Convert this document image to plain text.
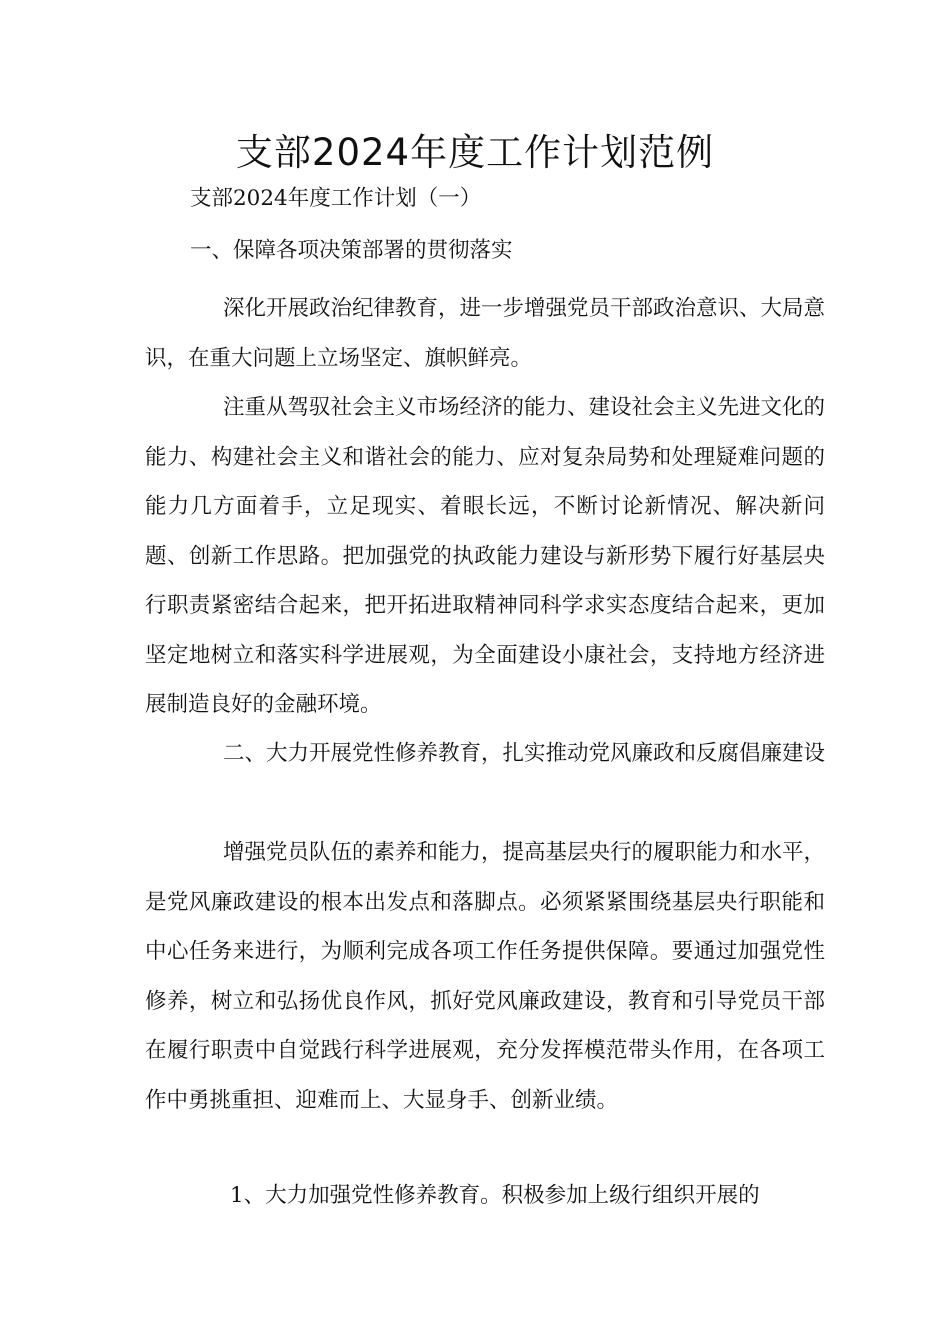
支部2024年度工作计划范例

支部2024年度工作计划（一）

一、保障各项决策部署的贯彻落实

深化开展政治纪律教育，进一步增强党员干部政治意识、大局意识，在重大问题上立场坚定、旗帜鲜亮。

注重从驾驭社会主义市场经济的能力、建设社会主义先进文化的能力、构建社会主义和谐社会的能力、应对复杂局势和处理疑难问题的能力几方面着手，立足现实、着眼长远，不断讨论新情况、解决新问题、创新工作思路。把加强党的执政能力建设与新形势下履行好基层央行职责紧密结合起来，把开拓进取精神同科学求实态度结合起来，更加坚定地树立和落实科学进展观，为全面建设小康社会，支持地方经济进展制造良好的金融环境。

二、大力开展党性修养教育，扎实推动党风廉政和反腐倡廉建设

增强党员队伍的素养和能力，提高基层央行的履职能力和水平，是党风廉政建设的根本出发点和落脚点。必须紧紧围绕基层央行职能和中心任务来进行，为顺利完成各项工作任务提供保障。要通过加强党性修养，树立和弘扬优良作风，抓好党风廉政建设，教育和引导党员干部在履行职责中自觉践行科学进展观，充分发挥模范带头作用，在各项工作中勇挑重担、迎难而上、大显身手、创新业绩。

1、大力加强党性修养教育。积极参加上级行组织开展的
